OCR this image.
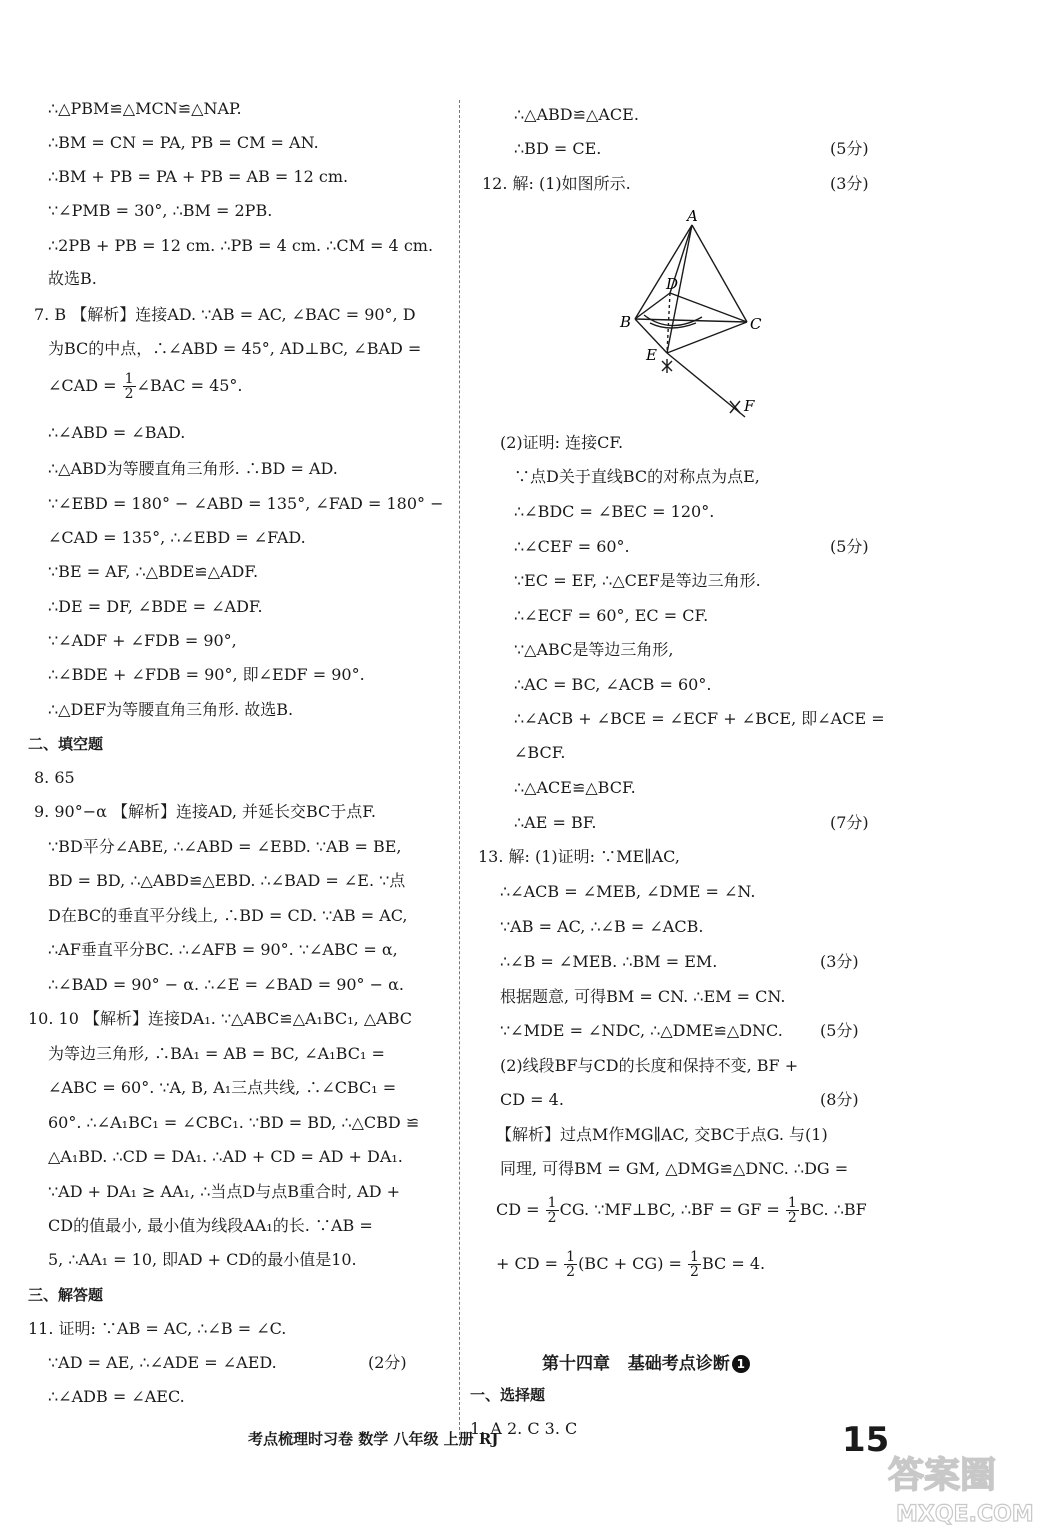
∴△PBM≌△MCN≌△NAP.
∴BM = CN = PA, PB = CM = AN.
∴BM + PB = PA + PB = AB = 12 cm.
∵∠PMB = 30°, ∴BM = 2PB.
∴2PB + PB = 12 cm. ∴PB = 4 cm. ∴CM = 4 cm.
故选B.
7. B 【解析】连接AD. ∵AB = AC, ∠BAC = 90°, D
为BC的中点，∴∠ABD = 45°, AD⊥BC, ∠BAD =
∴∠ABD = ∠BAD.
∴△ABD为等腰直角三角形. ∴BD = AD.
∵∠EBD = 180° − ∠ABD = 135°, ∠FAD = 180° −
∠CAD = 135°, ∴∠EBD = ∠FAD.
∵BE = AF, ∴△BDE≌△ADF.
∴DE = DF, ∠BDE = ∠ADF.
∵∠ADF + ∠FDB = 90°,
∴∠BDE + ∠FDB = 90°, 即∠EDF = 90°.
∴△DEF为等腰直角三角形. 故选B.
8. 65
9. 90°−α 【解析】连接AD, 并延长交BC于点F.
∵BD平分∠ABE, ∴∠ABD = ∠EBD. ∵AB = BE,
BD = BD, ∴△ABD≌△EBD. ∴∠BAD = ∠E. ∵点
D在BC的垂直平分线上, ∴BD = CD. ∵AB = AC,
∴AF垂直平分BC. ∴∠AFB = 90°. ∵∠ABC = α,
∴∠BAD = 90° − α. ∴∠E = ∠BAD = 90° − α.
10. 10 【解析】连接DA₁. ∵△ABC≌△A₁BC₁, △ABC
为等边三角形, ∴BA₁ = AB = BC, ∠A₁BC₁ =
∠ABC = 60°. ∵A, B, A₁三点共线, ∴∠CBC₁ =
60°. ∴∠A₁BC₁ = ∠CBC₁. ∵BD = BD, ∴△CBD ≌
△A₁BD. ∴CD = DA₁. ∴AD + CD = AD + DA₁.
∵AD + DA₁ ≥ AA₁, ∴当点D与点B重合时, AD +
CD的值最小, 最小值为线段AA₁的长. ∵AB =
5, ∴AA₁ = 10, 即AD + CD的最小值是10.
11. 证明: ∵AB = AC, ∴∠B = ∠C.
∵AD = AE, ∴∠ADE = ∠AED.
∴∠ADB = ∠AEC.
二、填空题
三、解答题
(2分)
∴△ABD≌△ACE.
∴BD = CE.
12. 解: (1)如图所示.
(2)证明: 连接CF.
∵点D关于直线BC的对称点为点E,
∴∠BDC = ∠BEC = 120°.
∴∠CEF = 60°.
∵EC = EF, ∴△CEF是等边三角形.
∴∠ECF = 60°, EC = CF.
∵△ABC是等边三角形,
∴AC = BC, ∠ACB = 60°.
∴∠ACB + ∠BCE = ∠ECF + ∠BCE, 即∠ACE =
∠BCF.
∴△ACE≌△BCF.
∴AE = BF.
13. 解: (1)证明: ∵ME∥AC,
∴∠ACB = ∠MEB, ∠DME = ∠N.
∵AB = AC, ∴∠B = ∠ACB.
∴∠B = ∠MEB. ∴BM = EM.
根据题意, 可得BM = CN. ∴EM = CN.
∵∠MDE = ∠NDC, ∴△DME≌△DNC.
(2)线段BF与CD的长度和保持不变, BF +
CD = 4.
【解析】过点M作MG∥AC, 交BC于点G. 与(1)
同理, 可得BM = GM, △DMG≌△DNC. ∴DG =
(5分)
(3分)
(5分)
(7分)
(3分)
(5分)
(8分)
CD = $\frac{1}{2}$ CG. ∵MF⊥BC, ∴BF = GF = $\frac{1}{2}$ BC. ∴BF
+ CD = $\frac{1}{2} (BC + CG) = \frac{1}{2}$ BC = 4.
∠CAD = $\frac{1}{2}$ ∠BAC = 45°.
A
B	C
D
E
F
第十四章 基础考点诊断 1
一、选择题
1. A 2. C 3. C
考点梳理时习卷 数学 八年级 上册 RJ	15
答案圈
MXQE.COM
